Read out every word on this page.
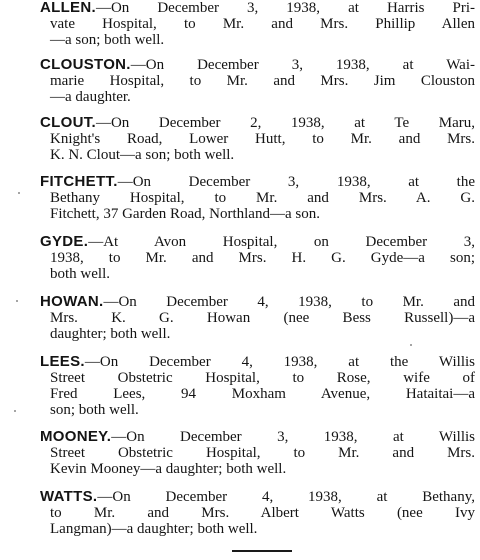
ALLEN.—On December 3, 1938, at Harris Pri-
vate Hospital, to Mr. and Mrs. Phillip Allen
—a son; both well.
CLOUSTON.—On December 3, 1938, at Wai-
marie Hospital, to Mr. and Mrs. Jim Clouston
—a daughter.
CLOUT.—On December 2, 1938, at Te Maru,
Knight's Road, Lower Hutt, to Mr. and Mrs.
K. N. Clout—a son; both well.
FITCHETT.—On December 3, 1938, at the
Bethany Hospital, to Mr. and Mrs. A. G.
Fitchett, 37 Garden Road, Northland—a son.
GYDE.—At Avon Hospital, on December 3,
1938, to Mr. and Mrs. H. G. Gyde—a son;
both well.
HOWAN.—On December 4, 1938, to Mr. and
Mrs. K. G. Howan (nee Bess Russell)—a
daughter; both well.
LEES.—On December 4, 1938, at the Willis
Street Obstetric Hospital, to Rose, wife of
Fred Lees, 94 Moxham Avenue, Hataitai—a
son; both well.
MOONEY.—On December 3, 1938, at Willis
Street Obstetric Hospital, to Mr. and Mrs.
Kevin Mooney—a daughter; both well.
WATTS.—On December 4, 1938, at Bethany,
to Mr. and Mrs. Albert Watts (nee Ivy
Langman)—a daughter; both well.
